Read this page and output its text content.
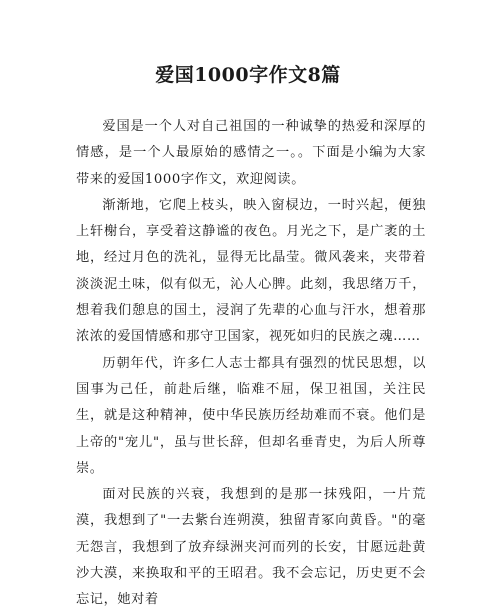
爱国1000字作文8篇

爱国是一个人对自己祖国的一种诚挚的热爱和深厚的情感，是一个人最原始的感情之一。。下面是小编为大家带来的爱国1000字作文，欢迎阅读。

渐渐地，它爬上枝头，映入窗棂边，一时兴起，便独上轩榭台，享受着这静谧的夜色。月光之下，是广袤的土地，经过月色的洗礼，显得无比晶莹。微风袭来，夹带着淡淡泥土味，似有似无，沁人心脾。此刻，我思绪万千，想着我们憩息的国土，浸润了先辈的心血与汗水，想着那浓浓的爱国情感和那守卫国家，视死如归的民族之魂……

历朝年代，许多仁人志士都具有强烈的忧民思想，以国事为己任，前赴后继，临难不屈，保卫祖国，关注民生，就是这种精神，使中华民族历经劫难而不衰。他们是上帝的"宠儿"，虽与世长辞，但却名垂青史，为后人所尊崇。

面对民族的兴衰，我想到的是那一抹残阳，一片荒漠，我想到了"一去紫台连朔漠，独留青冢向黄昏。"的毫无怨言，我想到了放弃绿洲夹河而列的长安，甘愿远赴黄沙大漠，来换取和平的王昭君。我不会忘记，历史更不会忘记，她对着
